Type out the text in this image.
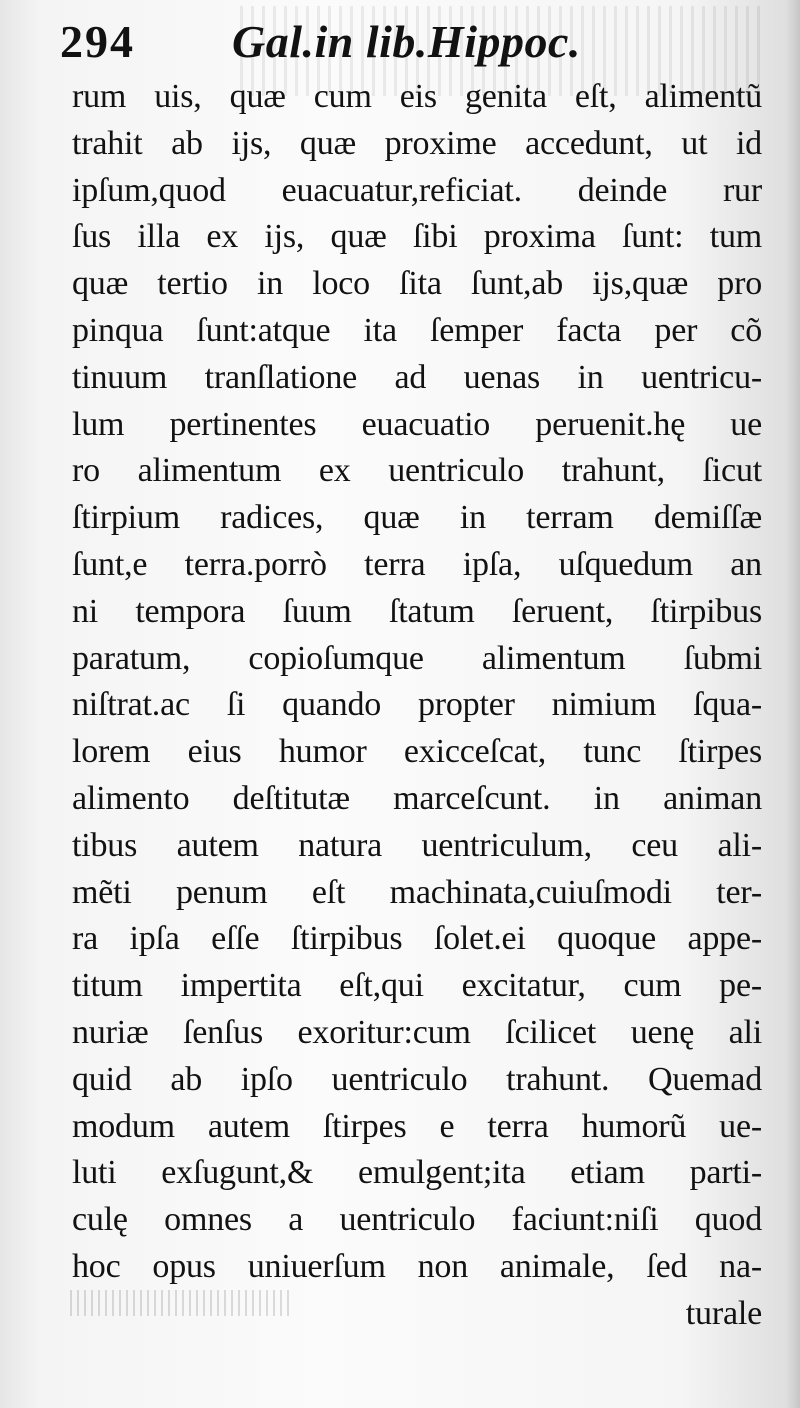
294 Gal.in lib.Hippoc.
rum uis, quæ cum eis genita eſt, alimentũ
trahit ab ijs, quæ proxime accedunt, ut id
ipſum,quod euacuatur,reficiat. deinde rur
ſus illa ex ijs, quæ ſibi proxima ſunt: tum
quæ tertio in loco ſita ſunt,ab ijs,quæ pro
pinqua ſunt:atque ita ſemper facta per cõ
tinuum tranſlatione ad uenas in uentricu-
lum pertinentes euacuatio peruenit.hę ue
ro alimentum ex uentriculo trahunt, ſicut
ſtirpium radices, quæ in terram demiſſæ
ſunt,e terra.porrò terra ipſa, uſquedum an
ni tempora ſuum ſtatum ſeruent, ſtirpibus
paratum, copioſumque alimentum ſubmi
niſtrat.ac ſi quando propter nimium ſqua-
lorem eius humor exicceſcat, tunc ſtirpes
alimento deſtitutæ marceſcunt. in animan
tibus autem natura uentriculum, ceu ali-
mẽti penum eſt machinata,cuiuſmodi ter-
ra ipſa eſſe ſtirpibus ſolet.ei quoque appe-
titum impertita eſt,qui excitatur, cum pe-
nuriæ ſenſus exoritur:cum ſcilicet uenę ali
quid ab ipſo uentriculo trahunt. Quemad
modum autem ſtirpes e terra humorũ ue-
luti exſugunt,& emulgent;ita etiam parti-
culę omnes a uentriculo faciunt:niſi quod
hoc opus uniuerſum non animale, ſed na-
turale
